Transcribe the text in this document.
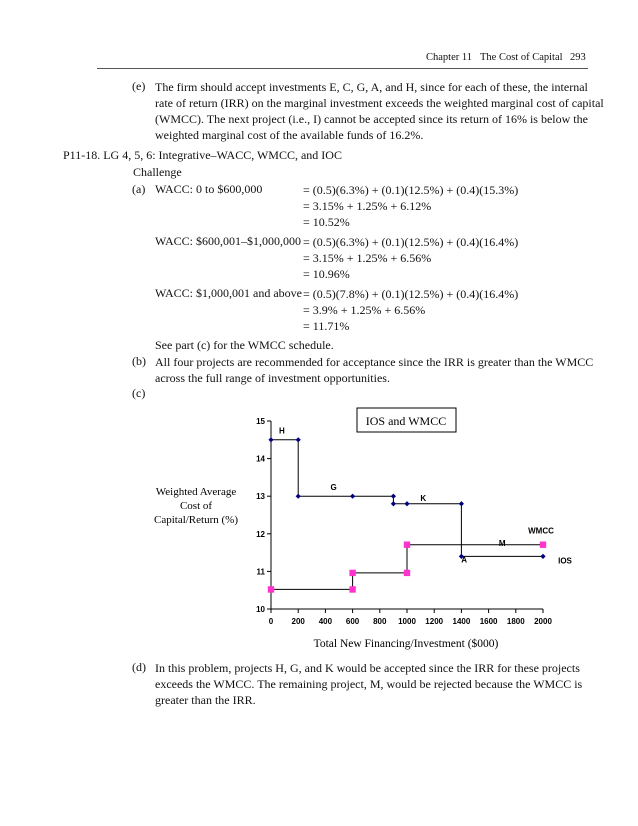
Chapter 11 The Cost of Capital 293
(e) The firm should accept investments E, C, G, A, and H, since for each of these, the internal
rate of return (IRR) on the marginal investment exceeds the weighted marginal cost of capital
(WMCC). The next project (i.e., I) cannot be accepted since its return of 16% is below the
weighted marginal cost of the available funds of 16.2%.
P11-18. LG 4, 5, 6: Integrative–WACC, WMCC, and IOC
Challenge
(a) WACC: 0 to $600,000	= (0.5)(6.3%) + (0.1)(12.5%) + (0.4)(15.3%)
= 3.15% + 1.25% + 6.12%
= 10.52%
WACC: $600,001–$1,000,000 = (0.5)(6.3%) + (0.1)(12.5%) + (0.4)(16.4%)
= 3.15% + 1.25% + 6.56%
= 10.96%
WACC: $1,000,001 and above = (0.5)(7.8%) + (0.1)(12.5%) + (0.4)(16.4%)
= 3.9% + 1.25% + 6.56%
= 11.71%
See part (c) for the WMCC schedule.
(b) All four projects are recommended for acceptance since the IRR is greater than the WMCC
across the full range of investment opportunities.
(c)
10
11
12
13
14
15
0 200 400 600 800 1000 1200 1400 1600 1800 2000
H
G
K
M
A	IOS
WMCC
IOS and WMCC
Weighted Average
Cost of
Capital/Return (%)
Total New Financing/Investment ($000)
(d) In this problem, projects H, G, and K would be accepted since the IRR for these projects
exceeds the WMCC. The remaining project, M, would be rejected because the WMCC is
greater than the IRR.
